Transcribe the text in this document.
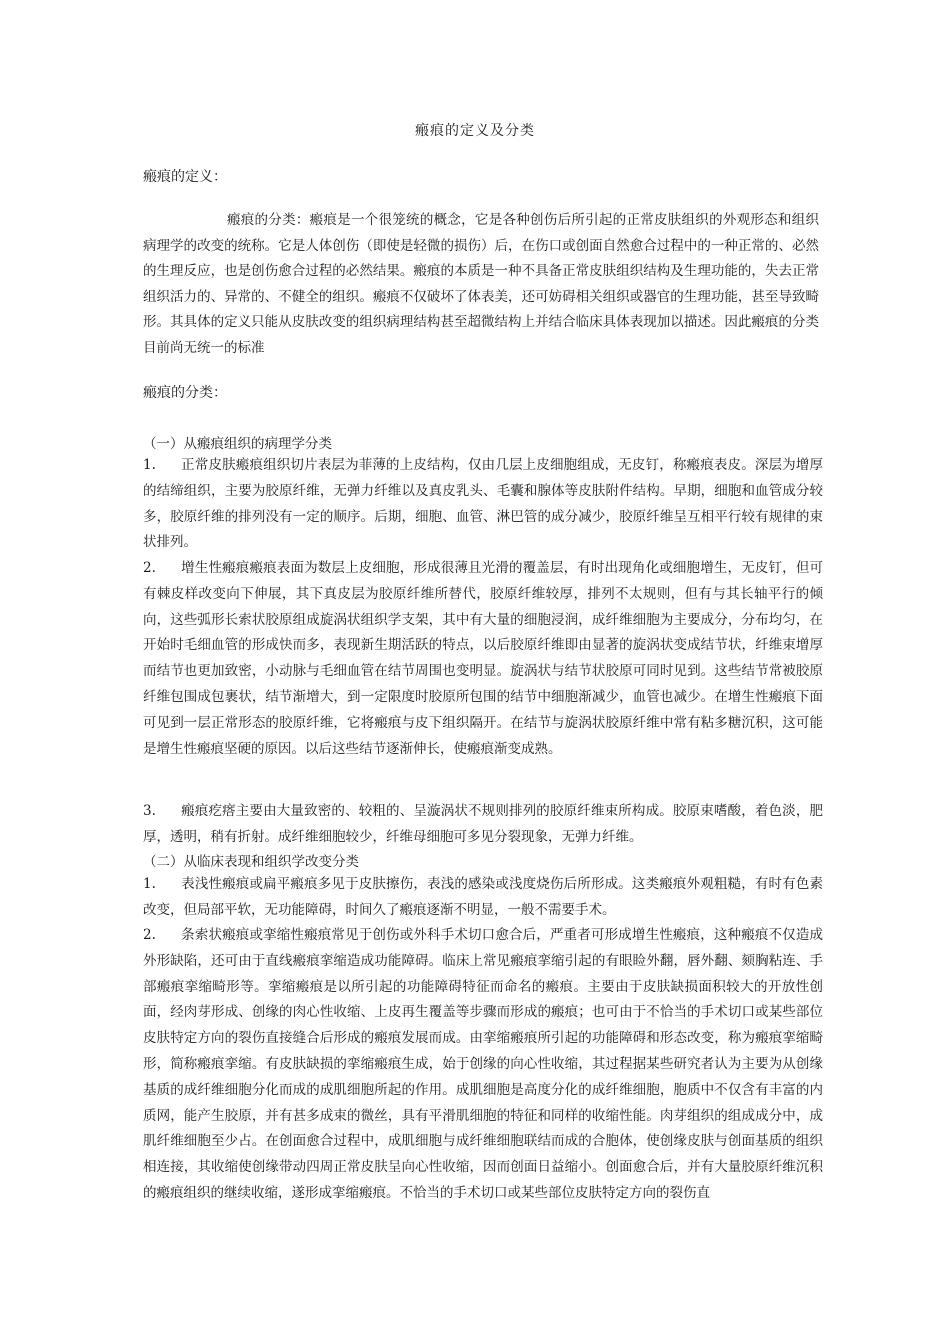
瘢痕的定义及分类
瘢痕的定义：
瘢痕的分类：瘢痕是一个很笼统的概念，它是各种创伤后所引起的正常皮肤组织的外观形态和组织病理学的改变的统称。它是人体创伤（即使是轻微的损伤）后，在伤口或创面自然愈合过程中的一种正常的、必然的生理反应，也是创伤愈合过程的必然结果。瘢痕的本质是一种不具备正常皮肤组织结构及生理功能的，失去正常组织活力的、异常的、不健全的组织。瘢痕不仅破坏了体表美，还可妨碍相关组织或器官的生理功能，甚至导致畸形。其具体的定义只能从皮肤改变的组织病理结构甚至超微结构上并结合临床具体表现加以描述。因此瘢痕的分类目前尚无统一的标准
瘢痕的分类：
（一）从瘢痕组织的病理学分类
1. 正常皮肤瘢痕组织切片表层为菲薄的上皮结构，仅由几层上皮细胞组成，无皮钉，称瘢痕表皮。深层为增厚的结缔组织，主要为胶原纤维，无弹力纤维以及真皮乳头、毛囊和腺体等皮肤附件结构。早期，细胞和血管成分较多，胶原纤维的排列没有一定的顺序。后期，细胞、血管、淋巴管的成分减少，胶原纤维呈互相平行较有规律的束状排列。
2. 增生性瘢痕瘢痕表面为数层上皮细胞，形成很薄且光滑的覆盖层，有时出现角化或细胞增生，无皮钉，但可有棘皮样改变向下伸展，其下真皮层为胶原纤维所替代，胶原纤维较厚，排列不太规则，但有与其长轴平行的倾向，这些弧形长索状胶原组成旋涡状组织学支架，其中有大量的细胞浸润，成纤维细胞为主要成分，分布均匀，在开始时毛细血管的形成快而多，表现新生期活跃的特点，以后胶原纤维即由显著的旋涡状变成结节状，纤维束增厚而结节也更加致密，小动脉与毛细血管在结节周围也变明显。旋涡状与结节状胶原可同时见到。这些结节常被胶原纤维包围成包裹状，结节渐增大，到一定限度时胶原所包围的结节中细胞渐减少，血管也减少。在增生性瘢痕下面可见到一层正常形态的胶原纤维，它将瘢痕与皮下组织隔开。在结节与旋涡状胶原纤维中常有粘多糖沉积，这可能是增生性瘢痕坚硬的原因。以后这些结节逐渐伸长，使瘢痕渐变成熟。
3. 瘢痕疙瘩主要由大量致密的、较粗的、呈漩涡状不规则排列的胶原纤维束所构成。胶原束嗜酸，着色淡，肥厚，透明，稍有折射。成纤维细胞较少，纤维母细胞可多见分裂现象，无弹力纤维。
（二）从临床表现和组织学改变分类
1. 表浅性瘢痕或扁平瘢痕多见于皮肤擦伤，表浅的感染或浅度烧伤后所形成。这类瘢痕外观粗糙，有时有色素改变，但局部平软，无功能障碍，时间久了瘢痕逐渐不明显，一般不需要手术。
2. 条索状瘢痕或挛缩性瘢痕常见于创伤或外科手术切口愈合后，严重者可形成增生性瘢痕，这种瘢痕不仅造成外形缺陷，还可由于直线瘢痕挛缩造成功能障碍。临床上常见瘢痕挛缩引起的有眼睑外翻，唇外翻、颏胸粘连、手部瘢痕挛缩畸形等。挛缩瘢痕是以所引起的功能障碍特征而命名的瘢痕。主要由于皮肤缺损面积较大的开放性创面，经肉芽形成、创缘的肉心性收缩、上皮再生覆盖等步骤而形成的瘢痕；也可由于不恰当的手术切口或某些部位皮肤特定方向的裂伤直接缝合后形成的瘢痕发展而成。由挛缩瘢痕所引起的功能障碍和形态改变，称为瘢痕挛缩畸形，简称瘢痕挛缩。有皮肤缺损的挛缩瘢痕生成，始于创缘的向心性收缩，其过程据某些研究者认为主要为从创缘基质的成纤维细胞分化而成的成肌细胞所起的作用。成肌细胞是高度分化的成纤维细胞，胞质中不仅含有丰富的内质网，能产生胶原，并有甚多成束的微丝，具有平滑肌细胞的特征和同样的收缩性能。肉芽组织的组成成分中，成肌纤维细胞至少占。在创面愈合过程中，成肌细胞与成纤维细胞联结而成的合胞体，使创缘皮肤与创面基质的组织相连接，其收缩使创缘带动四周正常皮肤呈向心性收缩，因而创面日益缩小。创面愈合后，并有大量胶原纤维沉积的瘢痕组织的继续收缩，遂形成挛缩瘢痕。不恰当的手术切口或某些部位皮肤特定方向的裂伤直
